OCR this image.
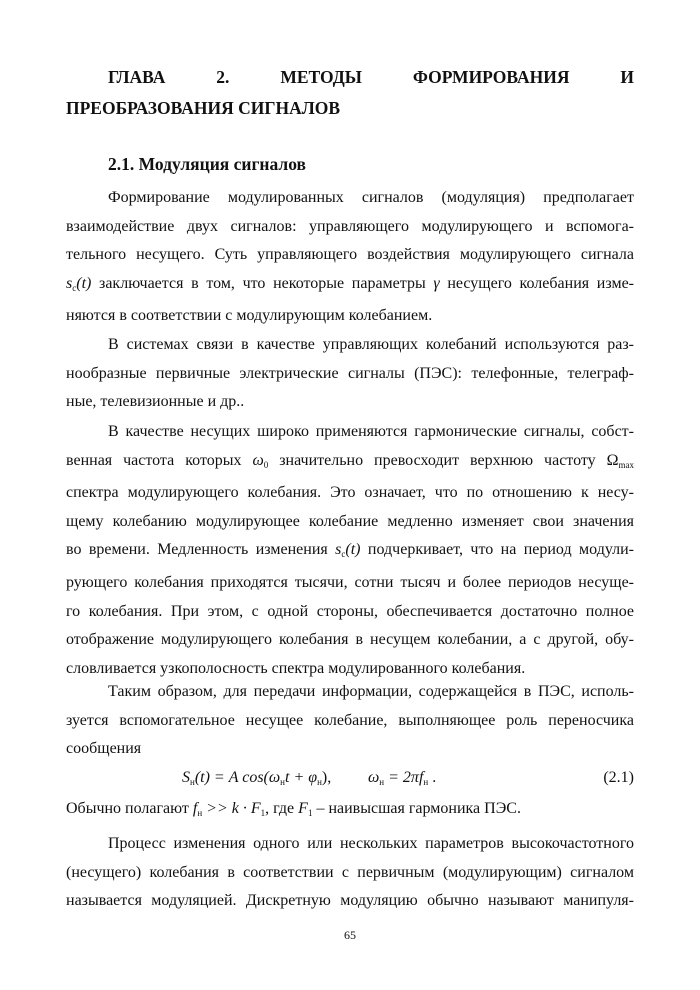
ГЛАВА	2.	МЕТОДЫ	ФОРМИРОВАНИЯ	И
ПРЕОБРАЗОВАНИЯ СИГНАЛОВ
2.1. Модуляция сигналов
Формирование модулированных сигналов (модуляция) предполагает
взаимодействие двух сигналов: управляющего модулирующего и вспомога-
тельного несущего. Суть управляющего воздействия модулирующего сигнала
$s_c(t)$ заключается в том, что некоторые параметры γ несущего колебания изме-
няются в соответствии с модулирующим колебанием.
В системах связи в качестве управляющих колебаний используются раз-
нообразные первичные электрические сигналы (ПЭС): телефонные, телеграф-
ные, телевизионные и др..
В качестве несущих широко применяются гармонические сигналы, собст-
венная частота которых $\omega_0$ значительно превосходит верхнюю частоту $\Omega_{max}$
спектра модулирующего колебания. Это означает, что по отношению к несу-
щему колебанию модулирующее колебание медленно изменяет свои значения
во времени. Медленность изменения $s_c(t)$ подчеркивает, что на период модули-
рующего колебания приходятся тысячи, сотни тысяч и более периодов несуще-
го колебания. При этом, с одной стороны, обеспечивается достаточно полное
отображение модулирующего колебания в несущем колебании, а с другой, обу-
словливается узкополосность спектра модулированного колебания.
Таким образом, для передачи информации, содержащейся в ПЭС, исполь-
зуется вспомогательное несущее колебание, выполняющее роль переносчика
сообщения
$S_н(t) = A$ $\cos(\omega_нt + \varphi_н)$, $\omega_н = 2\pi f_н$ .	(2.1)
Обычно полагают $f_н >> k \cdot F_1$, где $F_1$ – наивысшая гармоника ПЭС.
Процесс изменения одного или нескольких параметров высокочастотного
(несущего) колебания в соответствии с первичным (модулирующим) сигналом
называется модуляцией. Дискретную модуляцию обычно называют манипуля-
65
